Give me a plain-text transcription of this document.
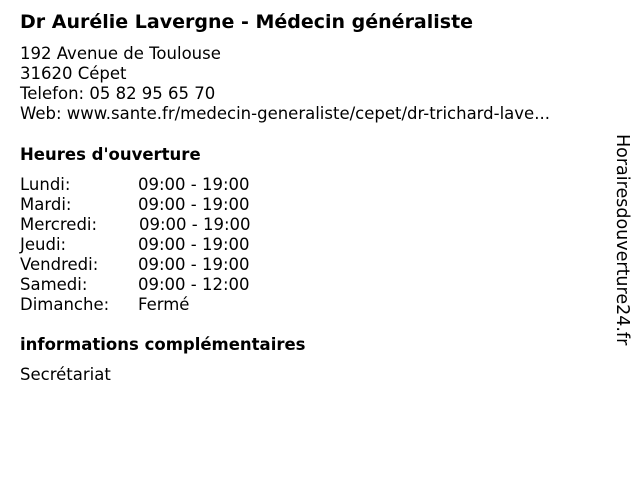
Dr Aurélie Lavergne - Médecin généraliste
192 Avenue de Toulouse
31620 Cépet
Telefon: 05 82 95 65 70
Web: www.sante.fr/medecin-generaliste/cepet/dr-trichard-lave...
Heures d'ouverture
Lundi:	09:00 - 19:00
Mardi:	09:00 - 19:00
Mercredi:	09:00 - 19:00
Jeudi:	09:00 - 19:00
Vendredi: 09:00 - 19:00
Samedi:	09:00 - 12:00
Dimanche: Fermé
informations complémentaires
Secrétariat
Horairesdouverture24.fr
